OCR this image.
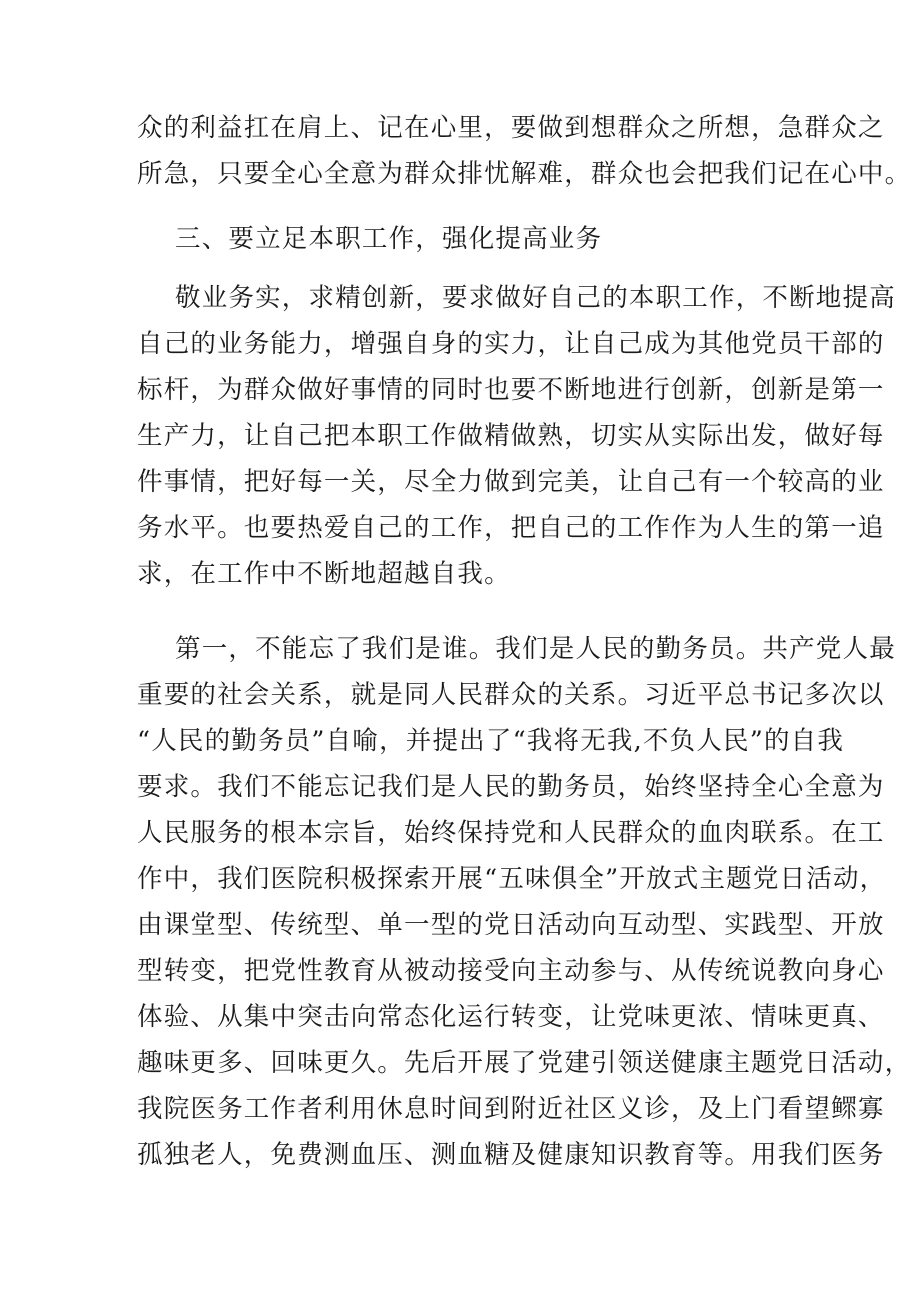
众的利益扛在肩上、记在心里，要做到想群众之所想，急群众之
所急，只要全心全意为群众排忧解难，群众也会把我们记在心中。
三、要立足本职工作，强化提高业务
敬业务实，求精创新，要求做好自己的本职工作，不断地提高
自己的业务能力，增强自身的实力，让自己成为其他党员干部的
标杆，为群众做好事情的同时也要不断地进行创新，创新是第一
生产力，让自己把本职工作做精做熟，切实从实际出发，做好每
件事情，把好每一关，尽全力做到完美，让自己有一个较高的业
务水平。也要热爱自己的工作，把自己的工作作为人生的第一追
求，在工作中不断地超越自我。
第一，不能忘了我们是谁。我们是人民的勤务员。共产党人最
重要的社会关系，就是同人民群众的关系。习近平总书记多次以
“人民的勤务员”自喻，并提出了“我将无我,不负人民”的自我
要求。我们不能忘记我们是人民的勤务员，始终坚持全心全意为
人民服务的根本宗旨，始终保持党和人民群众的血肉联系。在工
作中，我们医院积极探索开展“五味俱全”开放式主题党日活动，
由课堂型、传统型、单一型的党日活动向互动型、实践型、开放
型转变，把党性教育从被动接受向主动参与、从传统说教向身心
体验、从集中突击向常态化运行转变，让党味更浓、情味更真、
趣味更多、回味更久。先后开展了党建引领送健康主题党日活动，
我院医务工作者利用休息时间到附近社区义诊，及上门看望鳏寡
孤独老人，免费测血压、测血糖及健康知识教育等。用我们医务
